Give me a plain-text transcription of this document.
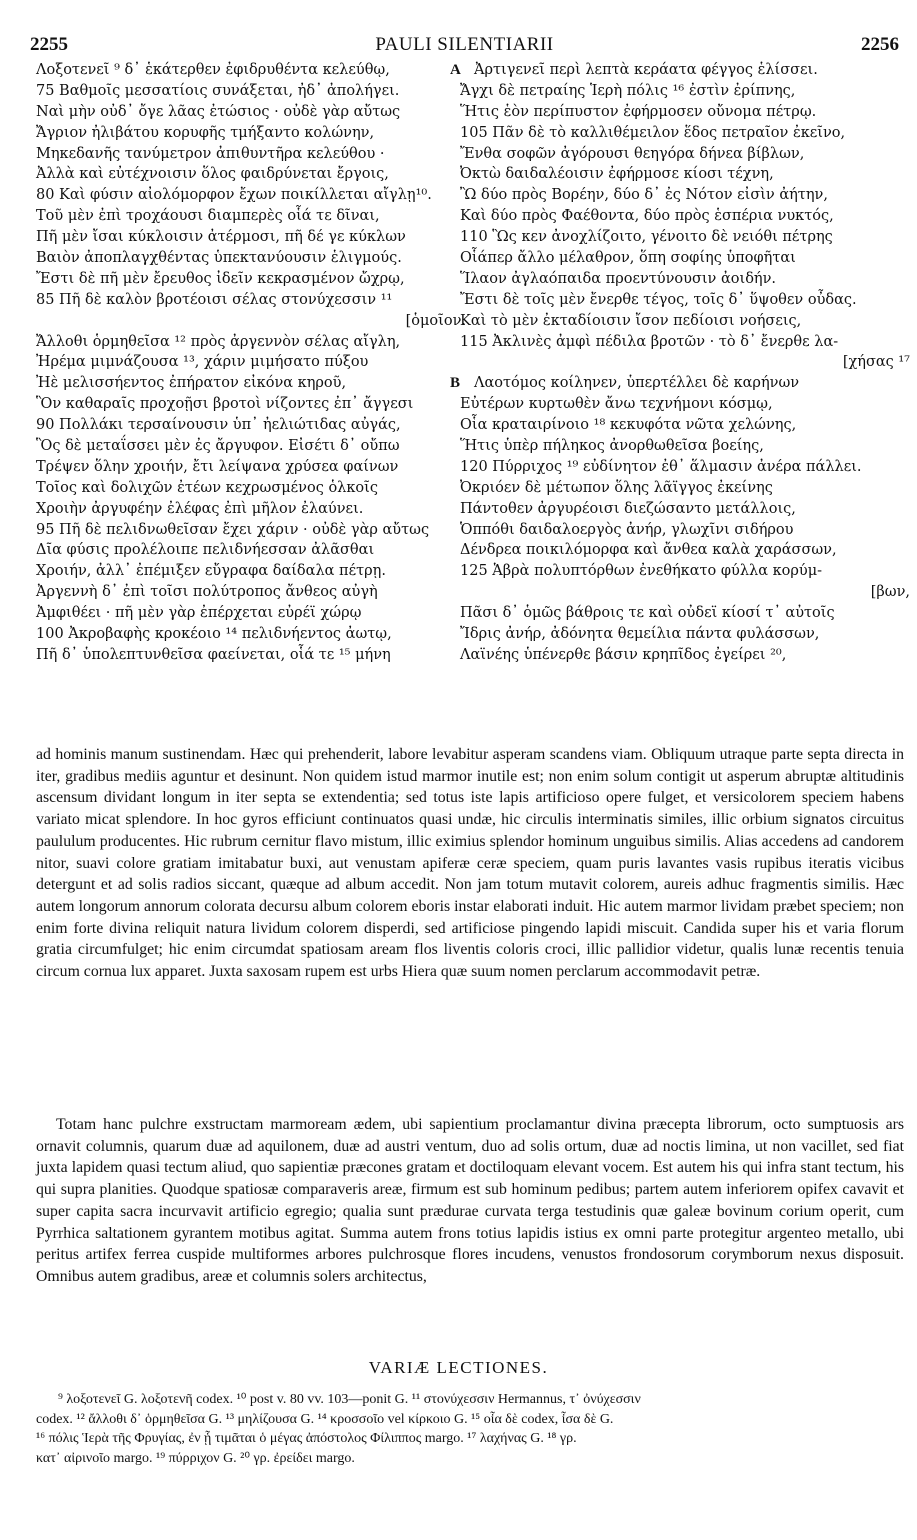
2255	PAULI SILENTIARII	2256
Λοξοτενεῖ ⁹ δ᾿ ἑκάτερθεν ἐφιδρυθέντα κελεύθῳ,
75 Βαθμοῖς μεσσατίοις συνάξεται, ἠδ᾿ ἀπολήγει.
Ναὶ μὴν οὐδ᾿ ὄγε λᾶας ἐτώσιος · οὐδὲ γὰρ αὔτως
Ἄγριον ἠλιβάτου κορυφῆς τμήξαντο κολώνην,
Μηκεδανῆς τανύμετρον ἀπιθυντῆρα κελεύθου ·
Ἀλλὰ καὶ εὐτέχνοισιν ὅλος φαιδρύνεται ἔργοις,
80 Καὶ φύσιν αἰολόμορφον ἔχων ποικίλλεται αἴγλῃ¹⁰.
Τοῦ μὲν ἐπὶ τροχάουσι διαμπερὲς οἷά τε δῖναι,
Πῆ μὲν ἴσαι κύκλοισιν ἀτέρμοσι, πῆ δέ γε κύκλων
Βαιὸν ἀποπλαγχθέντας ὑπεκτανύουσιν ἑλιγμούς.
Ἔστι δὲ πῆ μὲν ἔρευθος ἰδεῖν κεκρασμένον ὤχρῳ,
85 Πῆ δὲ καλὸν βροτέοισι σέλας στονύχεσσιν ¹¹
[ὁμοῖον.
Ἄλλοθι ὁρμηθεῖσα ¹² πρὸς ἀργεννὸν σέλας αἴγλη,
Ἠρέμα μιμνάζουσα ¹³, χάριν μιμήσατο πύξου
Ἠὲ μελισσήεντος ἐπήρατον εἰκόνα κηροῦ,
Ὃν καθαραῖς προχοῇσι βροτοὶ νίζοντες ἐπ᾿ ἄγγεσι
90 Πολλάκι τερσαίνουσιν ὑπ᾿ ἠελιώτιδας αὐγάς,
Ὃς δὲ μεταΐσσει μὲν ἐς ἄργυφον. Εἰσέτι δ᾿ οὔπω
Τρέψεν ὅλην χροιήν, ἔτι λείψανα χρύσεα φαίνων
Τοῖος καὶ δολιχῶν ἐτέων κεχρωσμένος ὁλκοῖς
Χροιὴν ἀργυφέην ἐλέφας ἐπὶ μῆλον ἐλαύνει.
95 Πῆ δὲ πελιδνωθεῖσαν ἔχει χάριν · οὐδὲ γὰρ αὔτως
Δῖα φύσις προλέλοιπε πελιδνήεσσαν ἀλᾶσθαι
Χροιήν, ἀλλ᾿ ἐπέμιξεν εὔγραφα δαίδαλα πέτρῃ.
Ἀργεννὴ δ᾿ ἐπὶ τοῖσι πολύτροπος ἄνθεος αὐγὴ
Ἀμφιθέει · πῆ μὲν γὰρ ἐπέρχεται εὐρέϊ χώρῳ
100 Ἀκροβαφὴς κροκέοιο ¹⁴ πελιδνήεντος ἀωτῳ,
Πῆ δ᾿ ὑπολεπτυνθεῖσα φαείνεται, οἷά τε ¹⁵ μήνη
A Ἀρτιγενεῖ περὶ λεπτὰ κεράατα φέγγος ἑλίσσει.
Ἄγχι δὲ πετραίης Ἱερὴ πόλις ¹⁶ ἐστὶν ἐρίπνης,
Ἥτις ἑὸν περίπυστον ἐφήρμοσεν οὔνομα πέτρῳ.
105 Πᾶν δὲ τὸ καλλιθέμειλον ἕδος πετραῖον ἐκεῖνο,
Ἔνθα σοφῶν ἀγόρουσι θεηγόρα δήνεα βίβλων,
Ὀκτὼ δαιδαλέοισιν ἐφήρμοσε κίοσι τέχνη,
Ὢ δύο πρὸς Βορέην, δύο δ᾿ ἐς Νότον εἰσὶν ἀήτην,
Καὶ δύο πρὸς Φαέθοντα, δύο πρὸς ἑσπέρια νυκτός,
110 Ὣς κεν ἀνοχλίζοιτο, γένοιτο δὲ νειόθι πέτρης
Οἷάπερ ἄλλο μέλαθρον, ὅπη σοφίης ὑποφῆται
Ἵλαον ἀγλαόπαιδα προεντύνουσιν ἀοιδήν.
Ἔστι δὲ τοῖς μὲν ἔνερθε τέγος, τοῖς δ᾿ ὕψοθεν οὖδας.
Καὶ τὸ μὲν ἐκταδίοισιν ἴσον πεδίοισι νοήσεις,
115 Ἀκλινὲς ἀμφὶ πέδιλα βροτῶν · τὸ δ᾿ ἔνερθε λα-
[χήσας ¹⁷
B Λαοτόμος κοίληνεν, ὑπερτέλλει δὲ καρήνων
Εὐτέρων κυρτωθὲν ἄνω τεχνήμονι κόσμῳ,
Οἷα κραταιρίνοιο ¹⁸ κεκυφότα νῶτα χελώνης,
Ἥτις ὑπὲρ πήληκος ἀνορθωθεῖσα βοείης,
120 Πύρριχος ¹⁹ εὐδίνητον ἐθ᾿ ἅλμασιν ἀνέρα πάλλει.
Ὀκριόεν δὲ μέτωπον ὅλης λᾶϊγγος ἐκείνης
Πάντοθεν ἀργυρέοισι διεζώσαντο μετάλλοις,
Ὁππόθι δαιδαλοεργὸς ἀνήρ, γλωχῖνι σιδήρου
Δένδρεα ποικιλόμορφα καὶ ἄνθεα καλὰ χαράσσων,
125 Ἁβρὰ πολυπτόρθων ἐνεθήκατο φύλλα κορύμ-
[βων,
Πᾶσι δ᾿ ὁμῶς βάθροις τε καὶ οὐδεϊ κίοσί τ᾿ αὐτοῖς
Ἴδρις ἀνήρ, ἀδόνητα θεμείλια πάντα φυλάσσων,
Λαϊνέης ὑπένερθε βάσιν κρηπῖδος ἐγείρει ²⁰,
ad hominis manum sustinendam. Hæc qui prehenderit, labore levabitur asperam scandens viam. Obliquum utraque parte septa directa in iter, gradibus mediis aguntur et desinunt. Non quidem istud marmor inutile est; non enim solum contigit ut asperum abruptæ altitudinis ascensum dividant longum in iter septa se extendentia; sed totus iste lapis artificioso opere fulget, et versicolorem speciem habens variato micat splendore. In hoc gyros efficiunt continuatos quasi undæ, hic circulis interminatis similes, illic orbium signatos circuitus paululum producentes. Hic rubrum cernitur flavo mistum, illic eximius splendor hominum unguibus similis. Alias accedens ad candorem nitor, suavi colore gratiam imitabatur buxi, aut venustam apiferæ ceræ speciem, quam puris lavantes vasis rupibus iteratis vicibus detergunt et ad solis radios siccant, quæque ad album accedit. Non jam totum mutavit colorem, aureis adhuc fragmentis similis. Hæc autem longorum annorum colorata decursu album colorem eboris instar elaborati induit. Hic autem marmor lividam præbet speciem; non enim forte divina reliquit natura lividum colorem disperdi, sed artificiose pingendo lapidi miscuit. Candida super his et varia florum gratia circumfulget; hic enim circumdat spatiosam aream flos liventis coloris croci, illic pallidior videtur, qualis lunæ recentis tenuia circum cornua lux apparet. Juxta saxosam rupem est urbs Hiera quæ suum nomen perclarum accommodavit petræ.
Totam hanc pulchre exstructam marmoream ædem, ubi sapientium proclamantur divina præcepta librorum, octo sumptuosis ars ornavit columnis, quarum duæ ad aquilonem, duæ ad austri ventum, duo ad solis ortum, duæ ad noctis limina, ut non vacillet, sed fiat juxta lapidem quasi tectum aliud, quo sapientiæ præcones gratam et doctiloquam elevant vocem. Est autem his qui infra stant tectum, his qui supra planities. Quodque spatiosæ comparaveris areæ, firmum est sub hominum pedibus; partem autem inferiorem opifex cavavit et super capita sacra incurvavit artificio egregio; qualia sunt prædurae curvata terga testudinis quæ galeæ bovinum corium operit, cum Pyrrhica saltationem gyrantem motibus agitat. Summa autem frons totius lapidis istius ex omni parte protegitur argenteo metallo, ubi peritus artifex ferrea cuspide multiformes arbores pulchrosque flores incudens, venustos frondosorum corymborum nexus disposuit. Omnibus autem gradibus, areæ et columnis solers architectus,
VARIÆ LECTIONES.

⁹ λοξοτενεῖ G. λοξοτενῆ codex. ¹⁰ post v. 80 vv. 103—ponit G. ¹¹ στονύχεσσιν Hermannus, τ᾿ ὀνύχεσσιν

codex. ¹² ἄλλοθι δ᾿ ὁρμηθεῖσα G. ¹³ μηλίζουσα G. ¹⁴ κροσσοῖο vel κίρκοιο G. ¹⁵ οἷα δὲ codex, ἶσα δὲ G.

¹⁶ πόλις Ἱερὰ τῆς Φρυγίας, ἐν ᾗ τιμᾶται ὁ μέγας ἀπόστολος Φίλιππος margo. ¹⁷ λαχήνας G. ¹⁸ γρ.

κατ᾿ αἰρινοῖο margo. ¹⁹ πύρριχον G. ²⁰ γρ. ἐρείδει margo.
